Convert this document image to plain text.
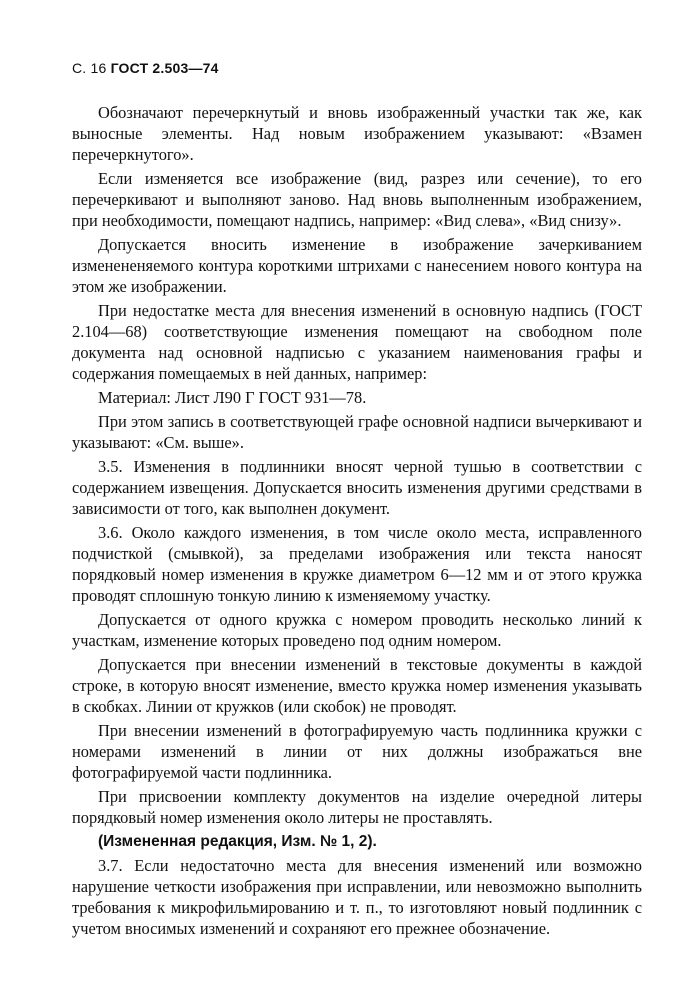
С. 16 ГОСТ 2.503—74

Обозначают перечеркнутый и вновь изображенный участки так же, как выносные элементы. Над новым изображением указывают: «Взамен перечеркнутого».

Если изменяется все изображение (вид, разрез или сечение), то его перечеркивают и выполняют заново. Над вновь выполненным изображением, при необходимости, помещают надпись, например: «Вид слева», «Вид снизу».

Допускается вносить изменение в изображение зачеркиванием изменененяемого контура короткими штрихами с нанесением нового контура на этом же изображении.

При недостатке места для внесения изменений в основную надпись (ГОСТ 2.104—68) соответствующие изменения помещают на свободном поле документа над основной надписью с указанием наименования графы и содержания помещаемых в ней данных, например:

Материал: Лист Л90 Г ГОСТ 931—78.

При этом запись в соответствующей графе основной надписи вычеркивают и указывают: «См. выше».

3.5. Изменения в подлинники вносят черной тушью в соответствии с содержанием извещения. Допускается вносить изменения другими средствами в зависимости от того, как выполнен документ.

3.6. Около каждого изменения, в том числе около места, исправленного подчисткой (смывкой), за пределами изображения или текста наносят порядковый номер изменения в кружке диаметром 6—12 мм и от этого кружка проводят сплошную тонкую линию к изменяемому участку.

Допускается от одного кружка с номером проводить несколько линий к участкам, изменение которых проведено под одним номером.

Допускается при внесении изменений в текстовые документы в каждой строке, в которую вносят изменение, вместо кружка номер изменения указывать в скобках. Линии от кружков (или скобок) не проводят.

При внесении изменений в фотографируемую часть подлинника кружки с номерами изменений в линии от них должны изображаться вне фотографируемой части подлинника.

При присвоении комплекту документов на изделие очередной литеры порядковый номер изменения около литеры не проставлять.

(Измененная редакция, Изм. № 1, 2).

3.7. Если недостаточно места для внесения изменений или возможно нарушение четкости изображения при исправлении, или невозможно выполнить требования к микрофильмированию и т. п., то изготовляют новый подлинник с учетом вносимых изменений и сохраняют его прежнее обозначение.
